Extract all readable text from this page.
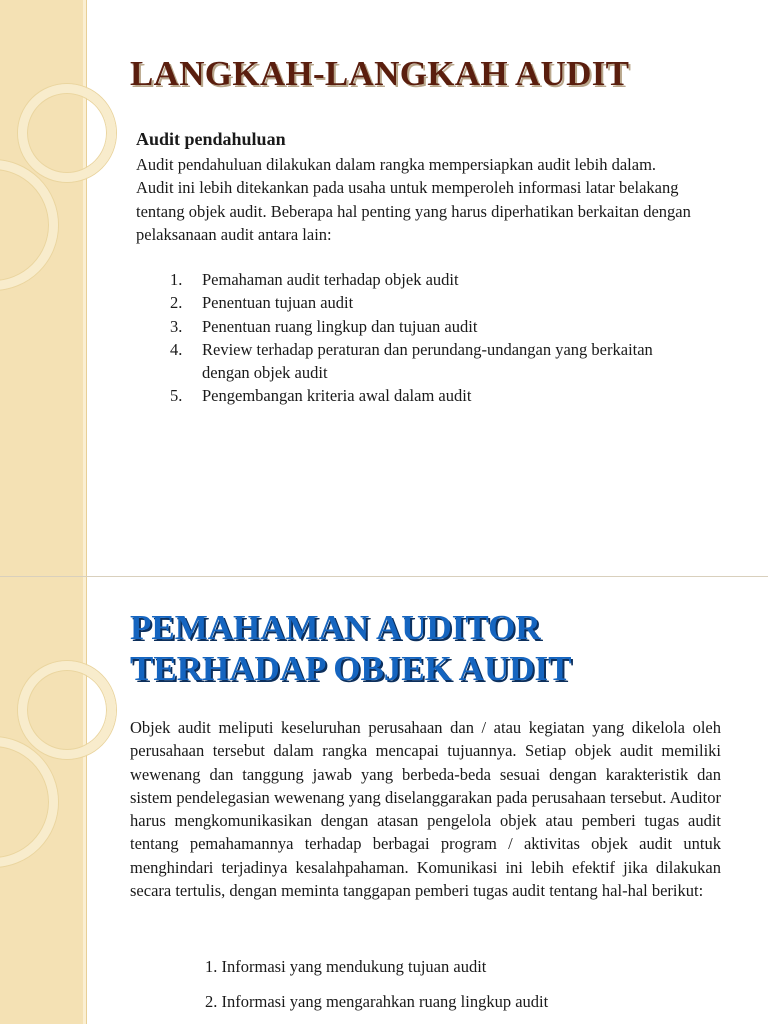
LANGKAH-LANGKAH AUDIT

Audit pendahuluan

Audit pendahuluan dilakukan dalam rangka mempersiapkan audit lebih dalam. Audit ini lebih ditekankan pada usaha untuk memperoleh informasi latar belakang tentang objek audit. Beberapa hal penting yang harus diperhatikan berkaitan dengan pelaksanaan audit antara lain:

1. Pemahaman audit terhadap objek audit
2. Penentuan tujuan audit
3. Penentuan ruang lingkup dan tujuan audit
4. Review terhadap peraturan dan perundang-undangan yang berkaitan        dengan objek audit
5. Pengembangan kriteria awal dalam audit
PEMAHAMAN AUDITOR
TERHADAP OBJEK AUDIT

Objek audit meliputi keseluruhan perusahaan dan / atau kegiatan yang dikelola oleh perusahaan tersebut dalam rangka mencapai tujuannya. Setiap objek audit memiliki wewenang dan tanggung jawab yang berbeda-beda sesuai dengan karakteristik dan sistem pendelegasian wewenang yang diselanggarakan pada perusahaan tersebut. Auditor harus mengkomunikasikan dengan atasan pengelola objek atau pemberi tugas audit tentang pemahamannya terhadap berbagai program / aktivitas objek audit untuk menghindari terjadinya kesalahpahaman. Komunikasi ini lebih efektif jika dilakukan secara tertulis, dengan meminta tanggapan pemberi tugas audit tentang hal-hal berikut:

1. Informasi yang mendukung tujuan audit
2. Informasi yang mengarahkan ruang lingkup audit
